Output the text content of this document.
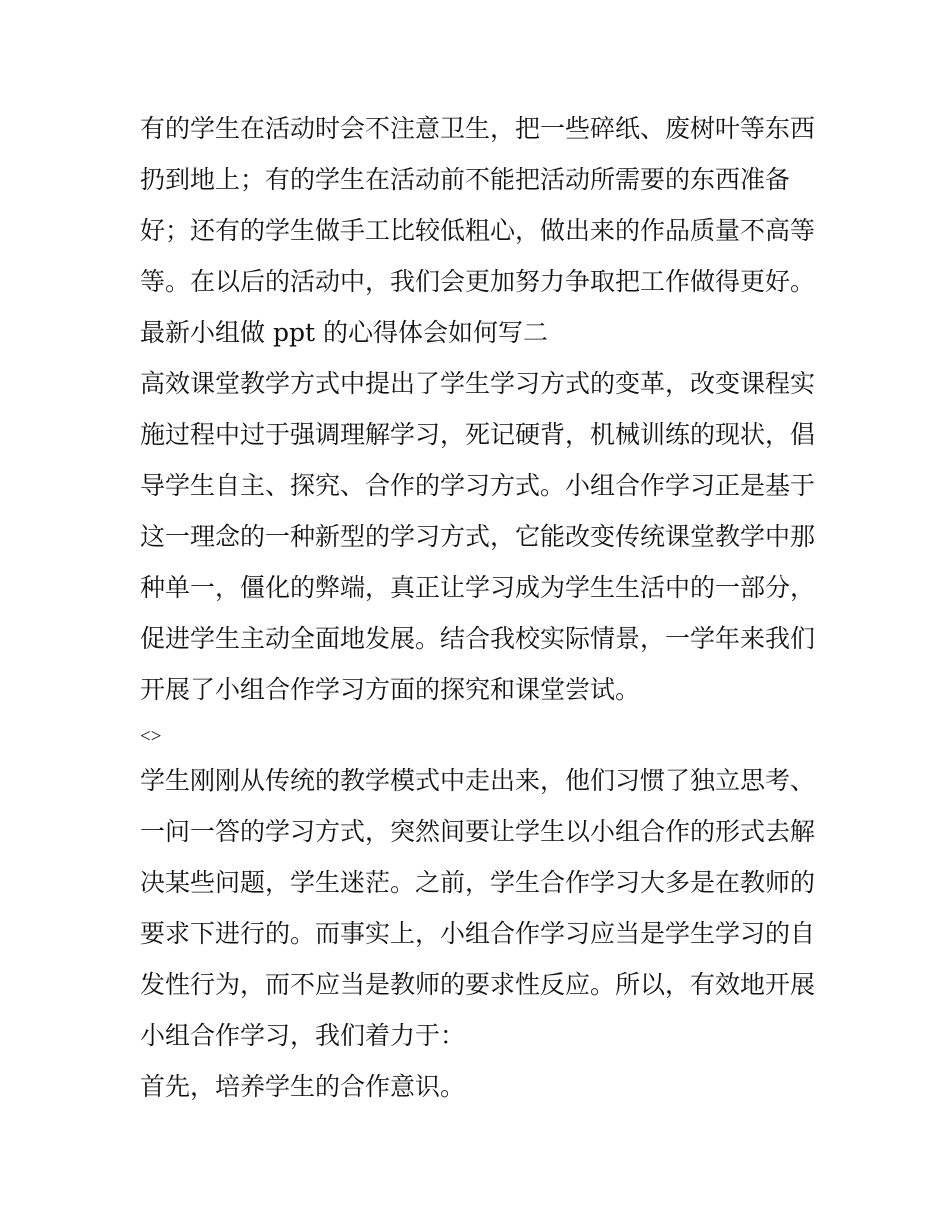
有的学生在活动时会不注意卫生，把一些碎纸、废树叶等东西

扔到地上；有的学生在活动前不能把活动所需要的东西准备

好；还有的学生做手工比较低粗心，做出来的作品质量不高等

等。在以后的活动中，我们会更加努力争取把工作做得更好。

最新小组做 ppt 的心得体会如何写二

高效课堂教学方式中提出了学生学习方式的变革，改变课程实

施过程中过于强调理解学习，死记硬背，机械训练的现状，倡

导学生自主、探究、合作的学习方式。小组合作学习正是基于

这一理念的一种新型的学习方式，它能改变传统课堂教学中那

种单一，僵化的弊端，真正让学习成为学生生活中的一部分，

促进学生主动全面地发展。结合我校实际情景，一学年来我们

开展了小组合作学习方面的探究和课堂尝试。

<>

学生刚刚从传统的教学模式中走出来，他们习惯了独立思考、

一问一答的学习方式，突然间要让学生以小组合作的形式去解

决某些问题，学生迷茫。之前，学生合作学习大多是在教师的

要求下进行的。而事实上，小组合作学习应当是学生学习的自

发性行为，而不应当是教师的要求性反应。所以，有效地开展

小组合作学习，我们着力于：

首先，培养学生的合作意识。
